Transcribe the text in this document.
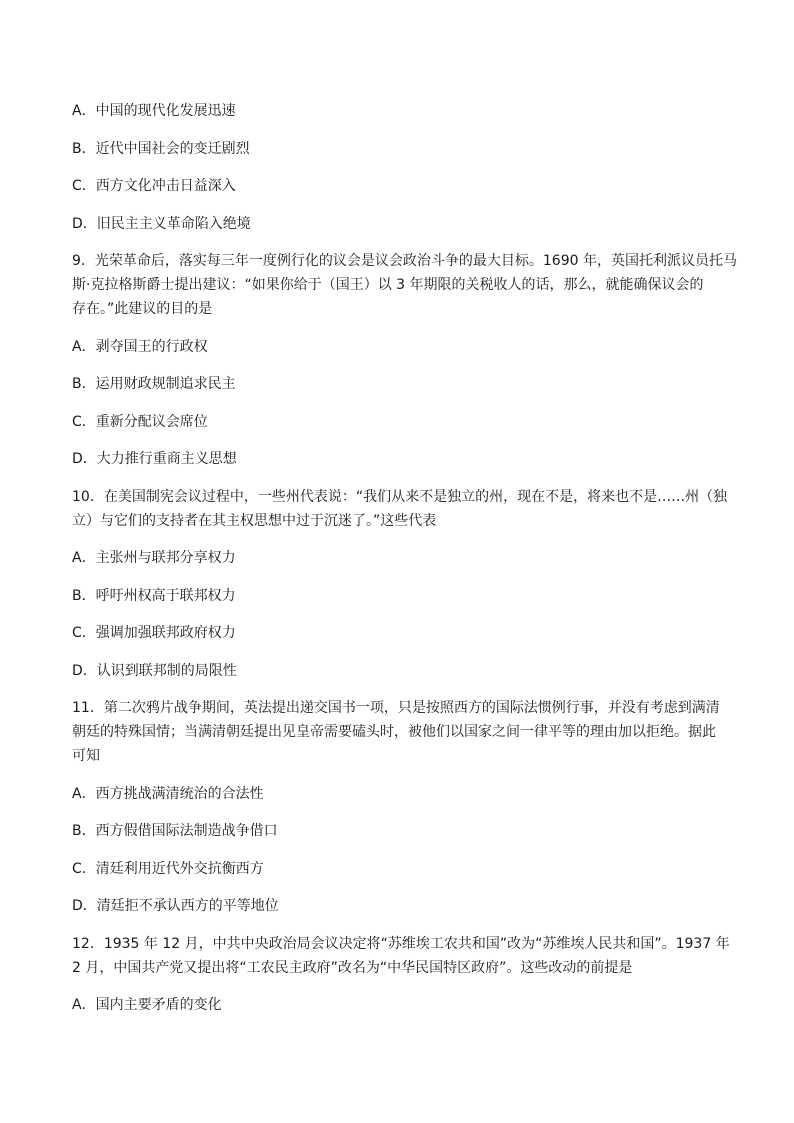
A．中国的现代化发展迅速

B．近代中国社会的变迁剧烈

C．西方文化冲击日益深入

D．旧民主主义革命陷入绝境

9．光荣革命后，落实每三年一度例行化的议会是议会政治斗争的最大目标。1690 年，英国托利派议员托马

斯·克拉格斯爵士提出建议：“如果你给于（国王）以 3 年期限的关税收人的话，那么，就能确保议会的

存在。”此建议的目的是

A．剥夺国王的行政权

B．运用财政规制追求民主

C．重新分配议会席位

D．大力推行重商主义思想

10．在美国制宪会议过程中，一些州代表说：“我们从来不是独立的州，现在不是，将来也不是……州（独

立）与它们的支持者在其主权思想中过于沉迷了。”这些代表

A．主张州与联邦分享权力

B．呼吁州权高于联邦权力

C．强调加强联邦政府权力

D．认识到联邦制的局限性

11．第二次鸦片战争期间，英法提出递交国书一项，只是按照西方的国际法惯例行事，并没有考虑到满清

朝廷的特殊国情；当满清朝廷提出见皇帝需要磕头时，被他们以国家之间一律平等的理由加以拒绝。据此

可知

A．西方挑战满清统治的合法性

B．西方假借国际法制造战争借口

C．清廷利用近代外交抗衡西方

D．清廷拒不承认西方的平等地位

12．1935 年 12 月，中共中央政治局会议决定将“苏维埃工农共和国”改为“苏维埃人民共和国”。1937 年

2 月，中国共产党又提出将“工农民主政府”改名为“中华民国特区政府”。这些改动的前提是

A．国内主要矛盾的变化
